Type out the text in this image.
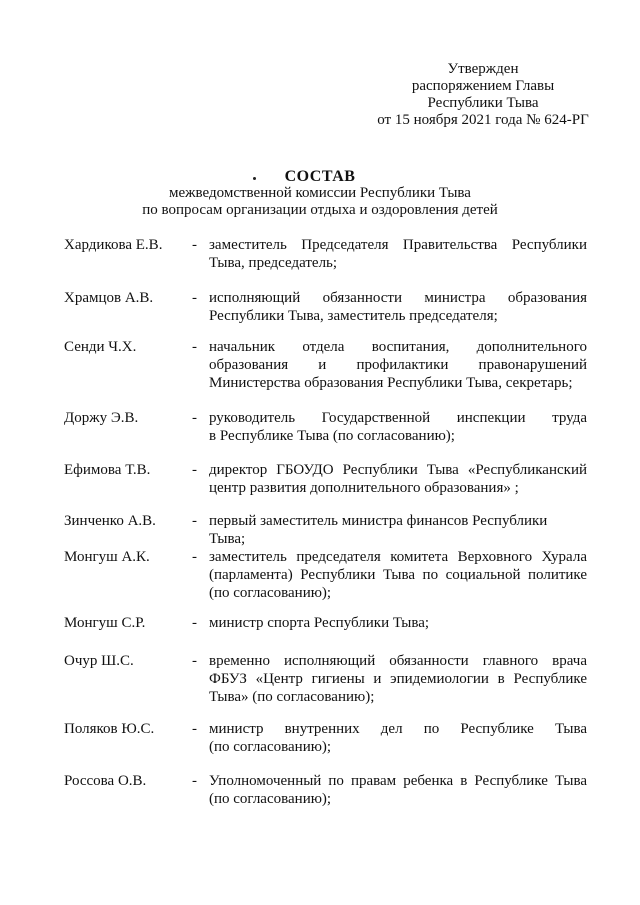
Утвержден
распоряжением Главы
Республики Тыва
от 15 ноября 2021 года № 624-РГ
СОСТАВ
межведомственной комиссии Республики Тыва
по вопросам организации отдыха и оздоровления детей
Хардикова Е.В. - заместитель Председателя Правительства Республики
Тыва, председатель;
Храмцов А.В.	- исполняющий обязанности министра образования
Республики Тыва, заместитель председателя;
Сенди Ч.Х.	- начальник отдела воспитания, дополнительного
образования и профилактики правонарушений
Министерства образования Республики Тыва, секретарь;
Доржу Э.В.	- руководитель Государственной инспекции труда
в Республике Тыва (по согласованию);
Ефимова Т.В.	- директор ГБОУДО Республики Тыва «Республиканский
центр развития дополнительного образования» ;
Зинченко А.В. - первый заместитель министра финансов Республики Тыва;
Монгуш А.К.	- заместитель председателя комитета Верховного Хурала
(парламента) Республики Тыва по социальной политике
(по согласованию);
Монгуш С.Р.	- министр спорта Республики Тыва;
Очур Ш.С.	- временно исполняющий обязанности главного врача
ФБУЗ «Центр гигиены и эпидемиологии в Республике
Тыва» (по согласованию);
Поляков Ю.С.	- министр внутренних дел по Республике Тыва
(по согласованию);
Россова О.В.	- Уполномоченный по правам ребенка в Республике Тыва
(по согласованию);
